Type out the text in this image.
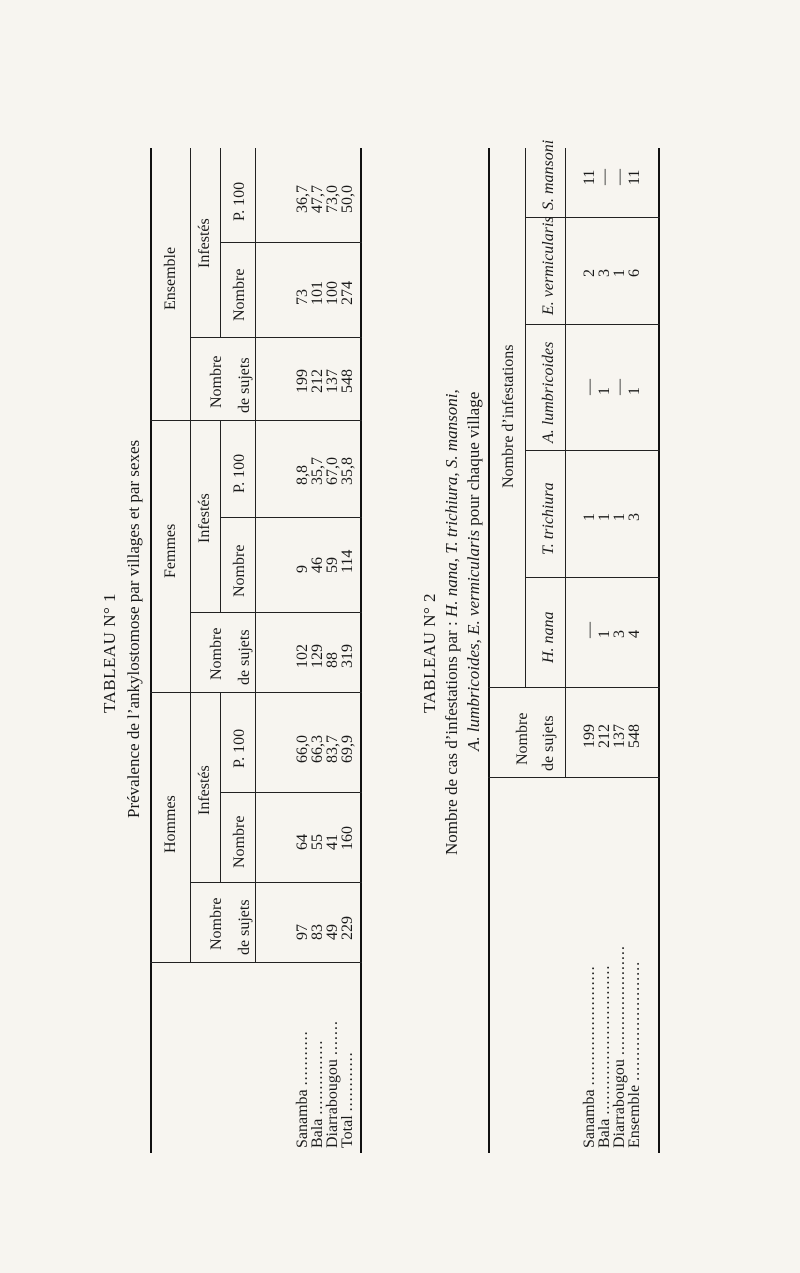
TABLEAU N° 1 Prévalence de l’ankylostomose par villages et par sexes
Hommes
Femmes
Ensemble
Nombre de sujets
Infestés
Nombre
P. 100
Nombre de sujets
Infestés
Nombre
P. 100
Nombre de sujets
Infestés
Nombre
P. 100
Sanamba ...........
97
64
66,0
102
9
8,8
199
73
36,7
Bala ...............
83
55
66,3
129
46
35,7
212
101
47,7
Diarrabougou .......
49
41
83,7
88
59
67,0
137
100
73,0
Total ............
229
160
69,9
319
114
35,8
548
274
50,0
TABLEAU N° 2 Nombre de cas d’infestations par : H. nana, T. trichiura, S. mansoni,
A. lumbricoides, E. vermicularis pour chaque village
Nombre de sujets
Nombre d’infestations
H. nana
T. trichiura
A. lumbricoides
E. vermicularis
S. mansoni
Sanamba ........................
199
—
1
—
2
11
Bala ..............................
212
1
1
1
3
—
Diarrabougou ......................
137
3
1
—
1
—
Ensemble ........................
548
4
3
1
6
11
